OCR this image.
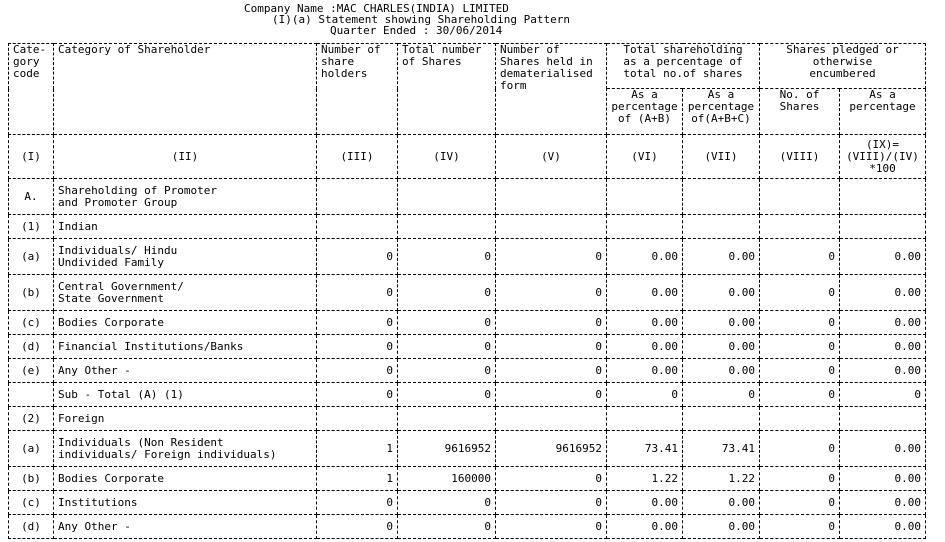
Company Name :MAC CHARLES(INDIA) LIMITED
(I)(a) Statement showing Shareholding Pattern
Quarter Ended : 30/06/2014
Cate-
gory
code	Category of Shareholder	Number of
share
holders	Total number
of Shares	Number of
Shares held in
dematerialised
form	Total shareholding
as a percentage of
total no.of shares		Shares pledged or
otherwise
encumbered	
					As a
percentage
of (A+B)	As a
percentage
of(A+B+C)	No. of
Shares	As a
percentage
(I)	(II)	(III)	(IV)	(V)	(VI)	(VII)	(VIII)	(IX)=
(VIII)/(IV)
*100
A.	Shareholding of Promoter
and Promoter Group							
(1)	Indian							
(a)	Individuals/ Hindu
Undivided Family	0	0	0	0.00	0.00	0	0.00
(b)	Central Government/
State Government	0	0	0	0.00	0.00	0	0.00
(c)	Bodies Corporate	0	0	0	0.00	0.00	0	0.00
(d)	Financial Institutions/Banks	0	0	0	0.00	0.00	0	0.00
(e)	Any Other -	0	0	0	0.00	0.00	0	0.00
	Sub - Total (A) (1)	0	0	0	0	0	0	0
(2)	Foreign							
(a)	Individuals (Non Resident
individuals/ Foreign individuals)	1	9616952	9616952	73.41	73.41	0	0.00
(b)	Bodies Corporate	1	160000	0	1.22	1.22	0	0.00
(c)	Institutions	0	0	0	0.00	0.00	0	0.00
(d)	Any Other -	0	0	0	0.00	0.00	0	0.00
